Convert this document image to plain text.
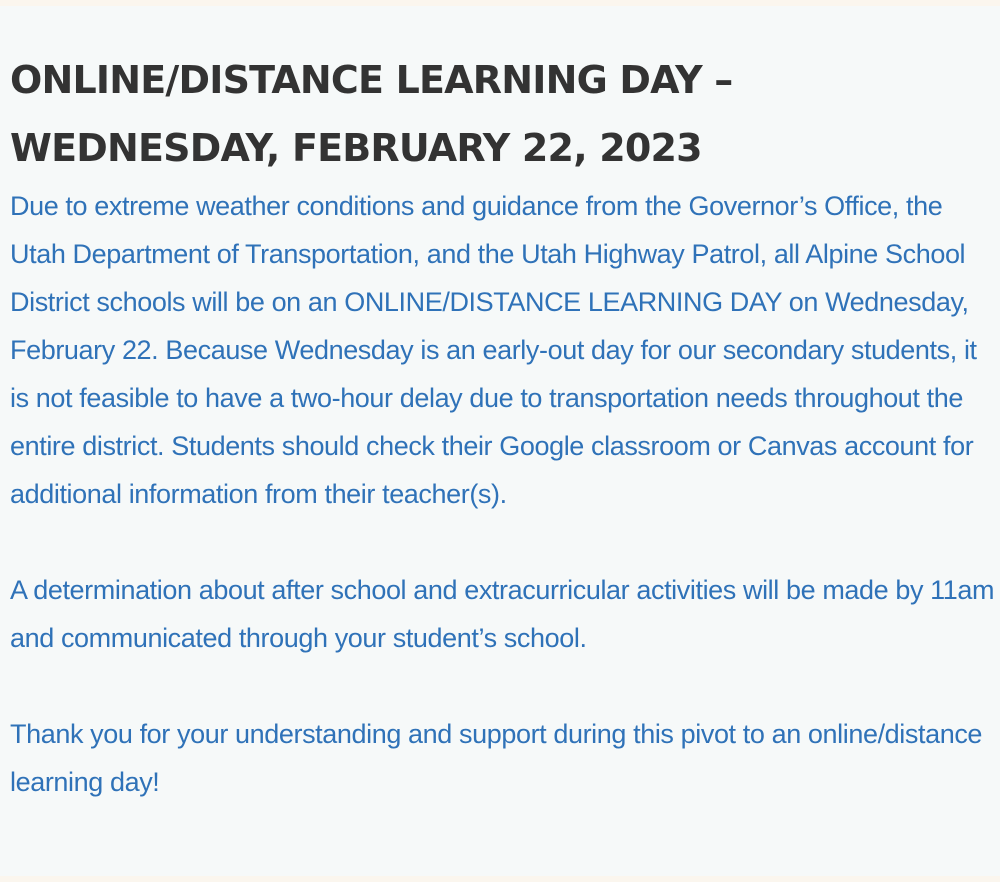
ONLINE/DISTANCE LEARNING DAY –
WEDNESDAY, FEBRUARY 22, 2023

Due to extreme weather conditions and guidance from the Governor’s Office, the Utah Department of Transportation, and the Utah Highway Patrol, all Alpine School District schools will be on an ONLINE/DISTANCE LEARNING DAY on Wednesday, February 22. Because Wednesday is an early-out day for our secondary students, it is not feasible to have a two-hour delay due to transportation needs throughout the entire district. Students should check their Google classroom or Canvas account for additional information from their teacher(s).

A determination about after school and extracurricular activities will be made by 11am and communicated through your student’s school.

Thank you for your understanding and support during this pivot to an online/distance learning day!
